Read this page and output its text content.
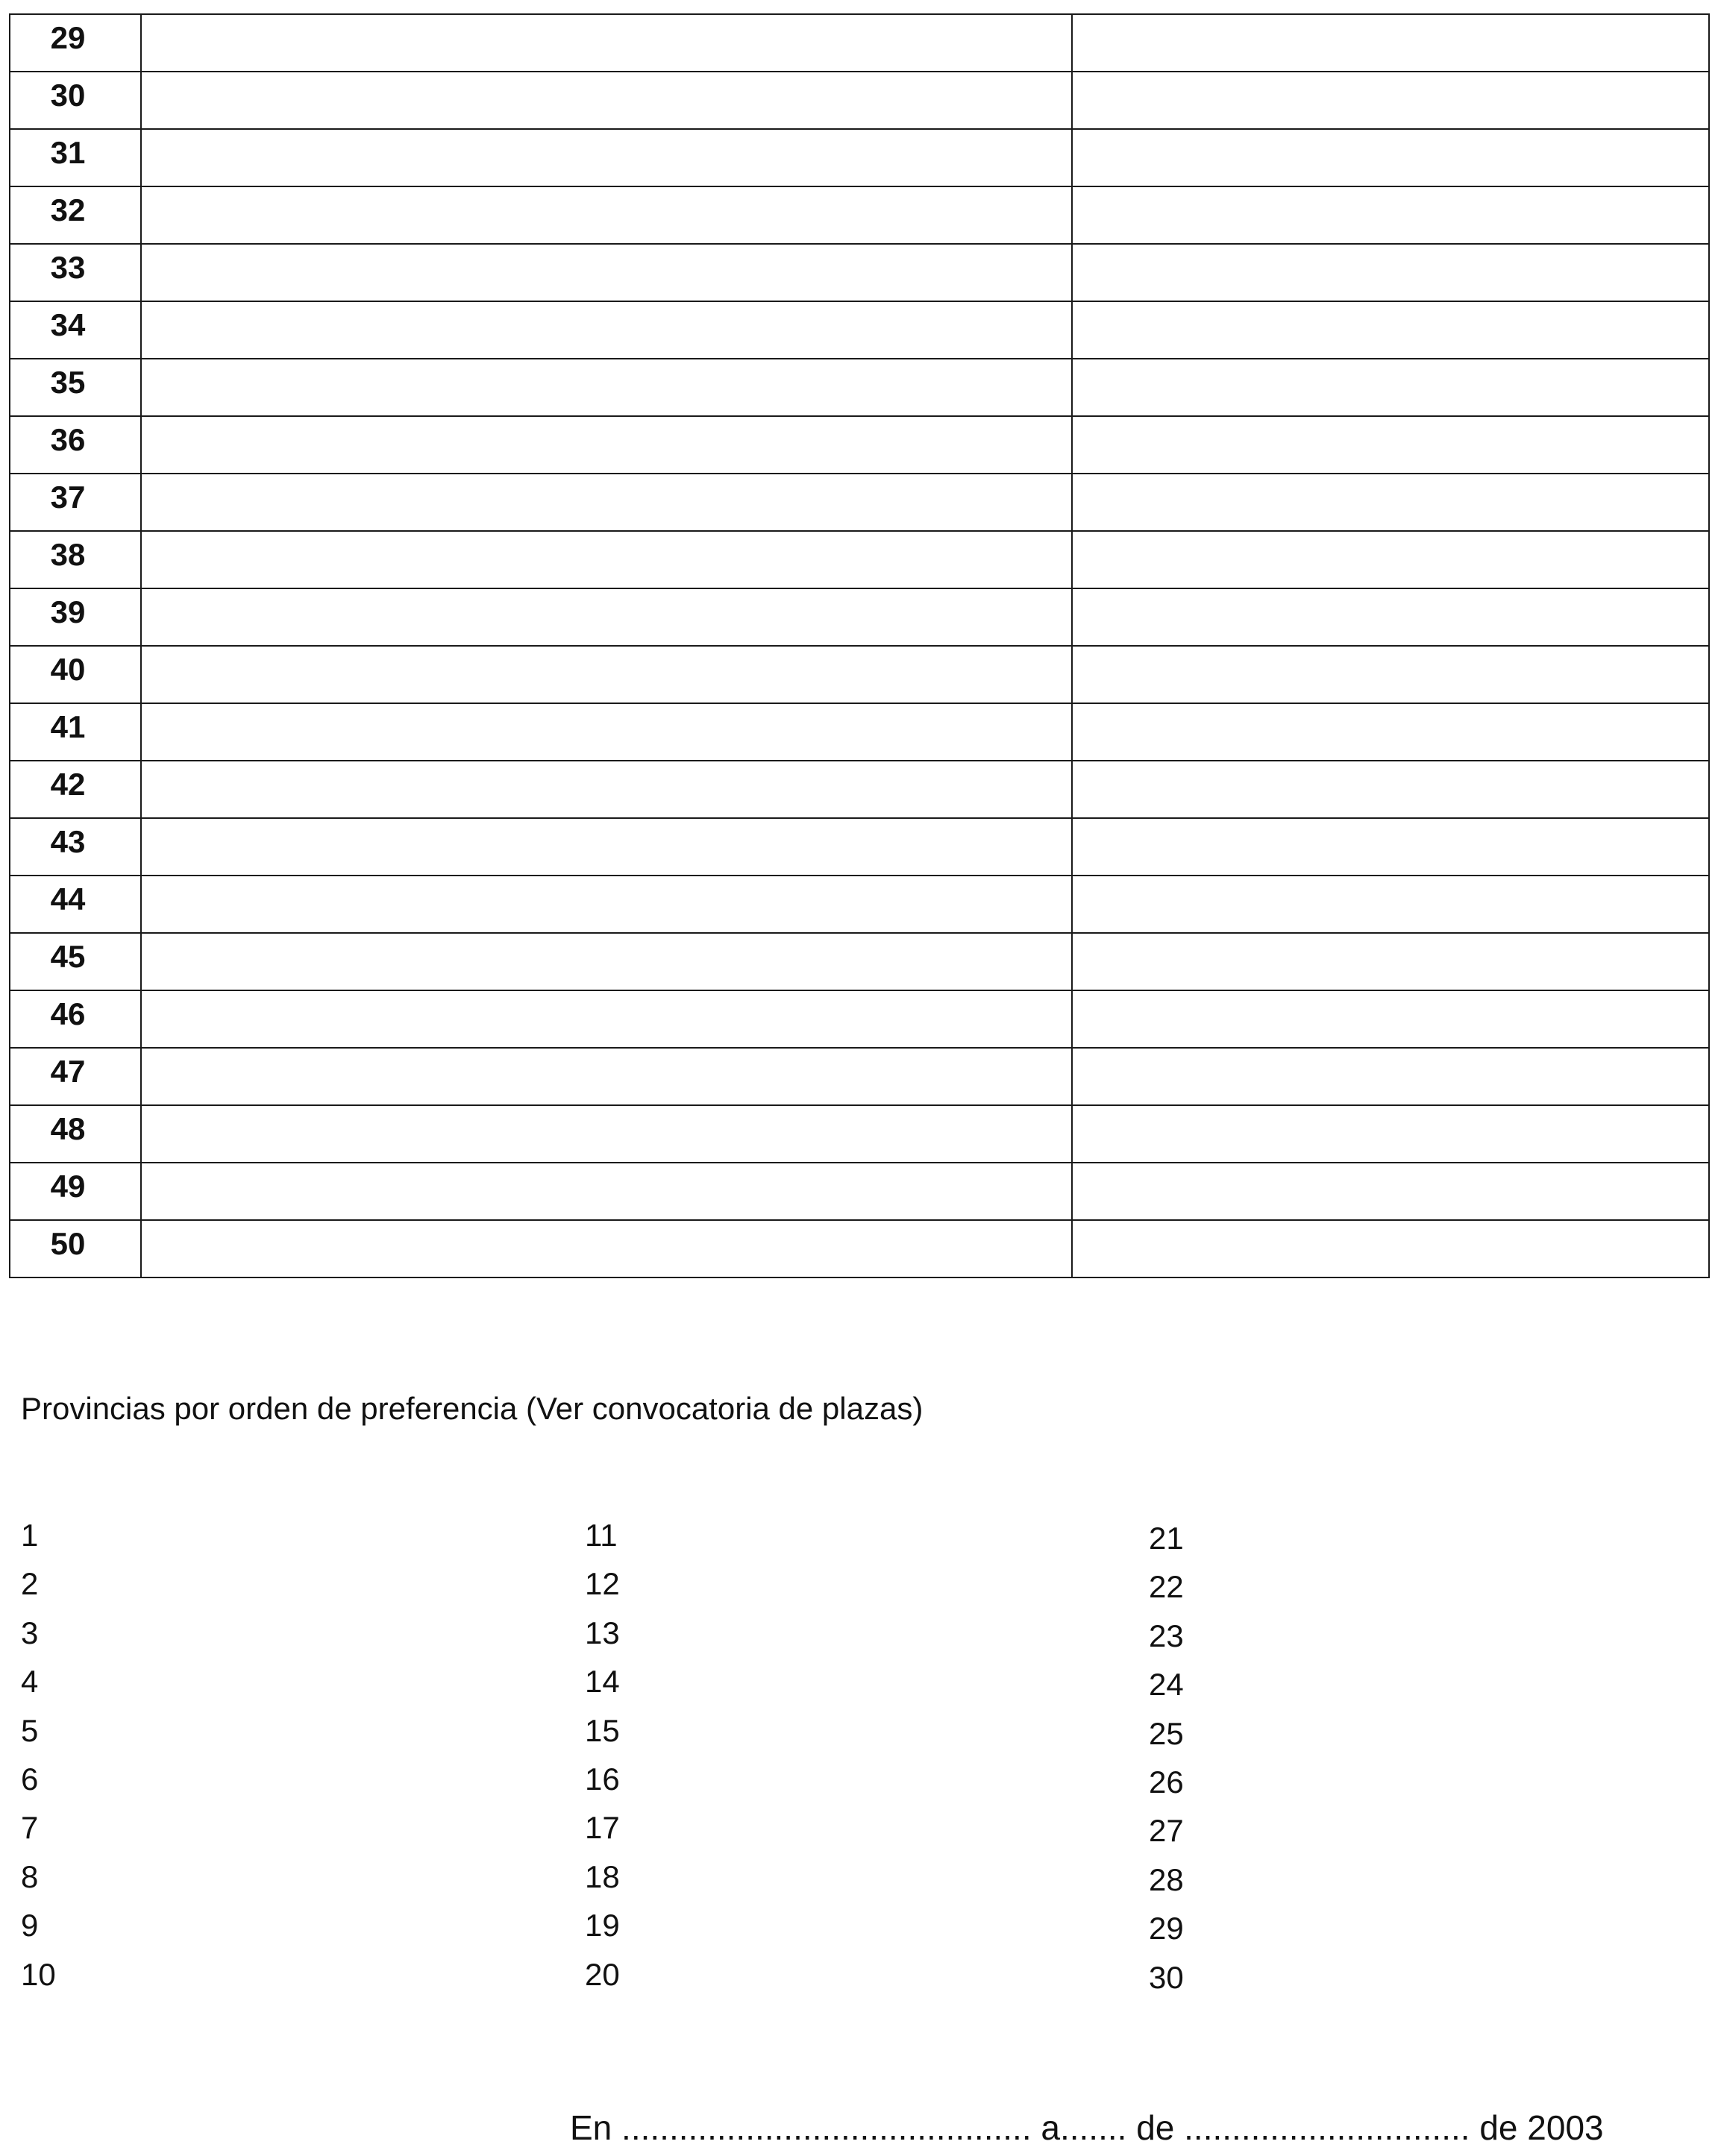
29		
30		
31		
32		
33		
34		
35		
36		
37		
38		
39		
40		
41		
42		
43		
44		
45		
46		
47		
48		
49		
50		
Provincias por orden de preferencia (Ver convocatoria de plazas)
1
2
3
4
5
6
7
8
9
10
11
12
13
14
15
16
17
18
19
20
21
22
23
24
25
26
27
28
29
30
En ........................................... a....... de .............................. de 2003
